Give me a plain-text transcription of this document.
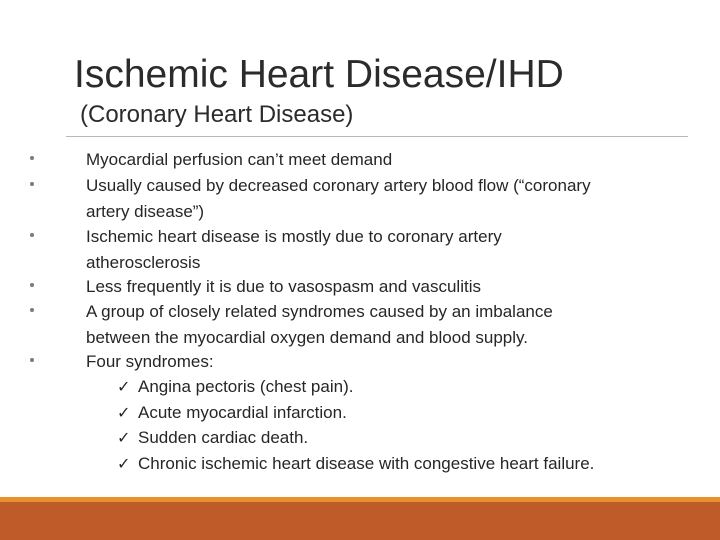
Ischemic Heart Disease/IHD
(Coronary Heart Disease)
Myocardial perfusion can’t meet demand
Usually caused by decreased coronary artery blood flow (“coronary
artery disease”)
Ischemic heart disease is mostly due to coronary artery
atherosclerosis
Less frequently it is due to vasospasm and vasculitis
A group of closely related syndromes caused by an imbalance
between the myocardial oxygen demand and blood supply.
Four syndromes:
✓ Angina pectoris (chest pain).
✓ Acute myocardial infarction.
✓ Sudden cardiac death.
✓ Chronic ischemic heart disease with congestive heart failure.
